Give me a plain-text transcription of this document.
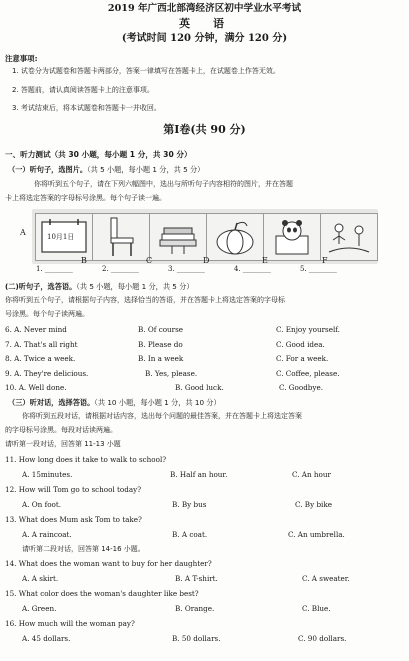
2019 年广西北部湾经济区初中学业水平考试
英　语
(考试时间 120 分钟，满分 120 分)
注意事项:
1. 试卷分为试题卷和答题卡两部分，答案一律填写在答题卡上，在试题卷上作答无效。
2. 答题前，请认真阅读答题卡上的注意事项。
3. 考试结束后，将本试题卷和答题卡一并收回。
第Ⅰ卷(共 90 分)
一、听力测试（共 30 小题，每小题 1 分，共 30 分）
（一）听句子，选图片。（共 5 小题，每小题 1 分，共 5 分）
你将听到五个句子，请在下列六幅图中，选出与所听句子内容相符的图片，并在答题
卡上将选定答案的字母标号涂黑。每个句子读一遍。
10月1日
A
B	C	D	E	F
1. ________	2. ________	3. ________	4. ________	5. ________
(二)听句子，选答语。（共 5 小题，每小题 1 分，共 5 分）
你将听到五个句子，请根据句子内容，选择恰当的答语，并在答题卡上将选定答案的字母标
号涂黑。每个句子读两遍。
6. A. Never mind	B. Of course	C. Enjoy yourself.
7. A. That's all right	B. Please do	C. Good idea.
8. A. Twice a week.	B. In a week	C. For a week.
9. A. They're delicious.	B. Yes, please.	C. Coffee, please.
10. A. Well done.	B. Good luck.	C. Goodbye.
（三）听对话，选择答语。（共 10 小题，每小题 1 分，共 10 分）
你将听到五段对话，请根据对话内容，选出每个问题的最佳答案，并在答题卡上将选定答案
的字母标号涂黑。每段对话读两遍。
请听第一段对话，回答第 11-13 小题
11. How long does it take to walk to school?
A. 15minutes.	B. Half an hour.	C. An hour
12. How will Tom go to school today?
A. On foot.	B. By bus	C. By bike
13. What does Mum ask Tom to take?
A. A raincoat.	B. A coat.	C. An umbrella.
请听第二段对话，回答第 14-16 小题。
14. What does the woman want to buy for her daughter?
A. A skirt.	B. A T-shirt.	C. A sweater.
15. What color does the woman's daughter like best?
A. Green.	B. Orange.	C. Blue.
16. How much will the woman pay?
A. 45 dollars.	B. 50 dollars.	C. 90 dollars.
